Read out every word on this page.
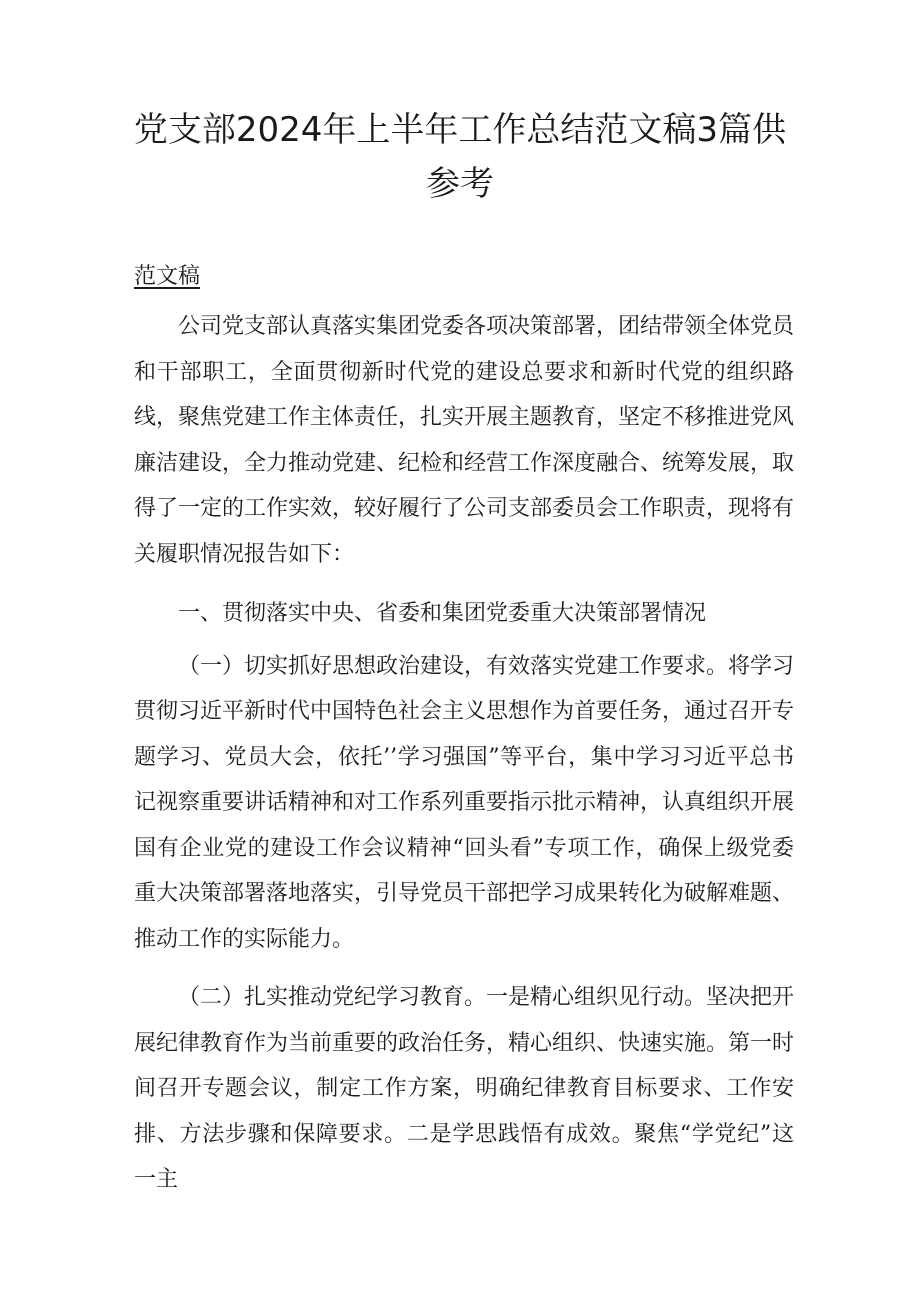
党支部2024年上半年工作总结范文稿3篇供参考

范文稿

公司党支部认真落实集团党委各项决策部署，团结带领全体党员和干部职工，全面贯彻新时代党的建设总要求和新时代党的组织路线，聚焦党建工作主体责任，扎实开展主题教育，坚定不移推进党风廉洁建设，全力推动党建、纪检和经营工作深度融合、统筹发展，取得了一定的工作实效，较好履行了公司支部委员会工作职责，现将有关履职情况报告如下：

一、贯彻落实中央、省委和集团党委重大决策部署情况

（一）切实抓好思想政治建设，有效落实党建工作要求。将学习贯彻习近平新时代中国特色社会主义思想作为首要任务，通过召开专题学习、党员大会，依托’’学习强国”等平台，集中学习习近平总书记视察重要讲话精神和对工作系列重要指示批示精神，认真组织开展国有企业党的建设工作会议精神“回头看”专项工作，确保上级党委重大决策部署落地落实，引导党员干部把学习成果转化为破解难题、推动工作的实际能力。

（二）扎实推动党纪学习教育。一是精心组织见行动。坚决把开展纪律教育作为当前重要的政治任务，精心组织、快速实施。第一时间召开专题会议，制定工作方案，明确纪律教育目标要求、工作安排、方法步骤和保障要求。二是学思践悟有成效。聚焦“学党纪”这一主
